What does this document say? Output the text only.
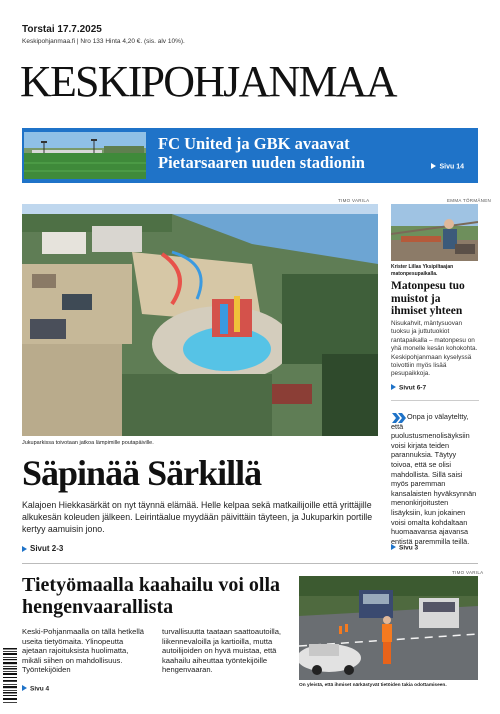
Torstai 17.7.2025
Keskipohjanmaa.fi | Nro 133 Hinta 4,20 €. (sis. alv 10%).
KESKIPOHJANMAA
FC United ja GBK avaavat Pietarsaaren uuden stadionin	Sivu 14
TIMO VARILA
Jukuparkissa toivotaan jatkoa lämpimille poutapäiville.
Säpinää Särkillä
Kalajoen Hiekkasärkät on nyt täynnä elämää. Helle kelpaa sekä matkailijoille että yrittäjille alkukesän koleuden jälkeen. Leirintäalue myydään päivittäin täyteen, ja Jukuparkin portille kertyy aamuisin jono.
Sivut 2-3
EMMA TÖRMÄNEN
Krister Lillas Yksipiltaajan matonpesupaikalla.
Matonpesu tuo muistot ja ihmiset yhteen
Nisukahvit, mäntysuovan tuoksu ja juttutuokiot rantapaikalla – matonpesu on yhä monelle kesän kohokohta. Keskipohjanmaan kyselyssä toivottiin myös lisää pesupaikkoja.
Sivut 6-7
Onpa jo välayteltty, että puolustusmenolisäyksiin voisi kirjata teiden parannuksia. Täytyy toivoa, että se olisi mahdollista. Sillä saisi myös paremman kansalaisten hyväksynnän menonkirjoitusten lisäyksiin, kun jokainen voisi omalta kohdaltaan huomaavansa ajavansa entistä paremmilla teillä.
Sivu 3
Tietyömaalla kaahailu voi olla hengenvaarallista
Keski-Pohjanmaalla on tällä hetkellä useita tietyömaita. Ylinopeutta ajetaan rajoituksista huolimatta, mikäli siihen on mahdollisuus. Työntekijöiden
turvallisuutta taataan saattoautoilla, liikennevaloilla ja kartioilla, mutta autoilijoiden on hyvä muistaa, että kaahailu aiheuttaa työntekijöille hengenvaaran.
Sivu 4
TIMO VARILA
On yleistä, että ihmiset närkästyvät tietöiden takia odottamiseen.
